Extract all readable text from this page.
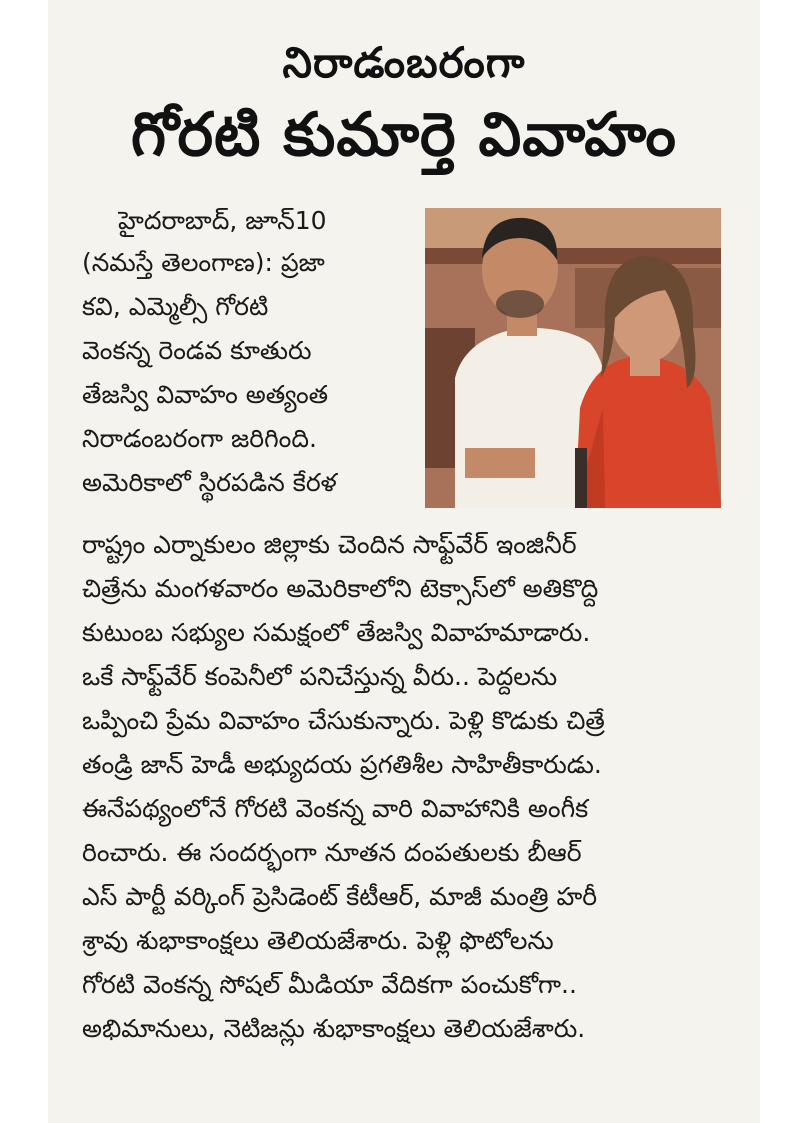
నిరాడంబరంగా
గోరటి కుమార్తె వివాహం
హైదరాబాద్, జూన్10
(నమస్తే తెలంగాణ): ప్రజా
కవి, ఎమ్మెల్సీ గోరటి
వెంకన్న రెండవ కూతురు
తేజస్వి వివాహం అత్యంత
నిరాడంబరంగా జరిగింది.
అమెరికాలో స్థిరపడిన కేరళ
రాష్ట్రం ఎర్నాకులం జిల్లాకు చెందిన సాఫ్ట్‌వేర్ ఇంజినీర్
చిత్రేను మంగళవారం అమెరికాలోని టెక్సాస్‌లో అతికొద్ది
కుటుంబ సభ్యుల సమక్షంలో తేజస్వి వివాహమాడారు.
ఒకే సాఫ్ట్‌వేర్ కంపెనీలో పనిచేస్తున్న వీరు.. పెద్దలను
ఒప్పించి ప్రేమ వివాహం చేసుకున్నారు. పెళ్లి కొడుకు చిత్రే
తండ్రి జాన్ హెడీ అభ్యుదయ ప్రగతిశీల సాహితీకారుడు.
ఈనేపథ్యంలోనే గోరటి వెంకన్న వారి వివాహానికి అంగీక
రించారు. ఈ సందర్భంగా నూతన దంపతులకు బీఆర్
ఎస్ పార్టీ వర్కింగ్ ప్రెసిడెంట్ కేటీఆర్, మాజీ మంత్రి హరీ
శ్రావు శుభాకాంక్షలు తెలియజేశారు. పెళ్లి ఫొటోలను
గోరటి వెంకన్న సోషల్ మీడియా వేదికగా పంచుకోగా..
అభిమానులు, నెటిజన్లు శుభాకాంక్షలు తెలియజేశారు.
